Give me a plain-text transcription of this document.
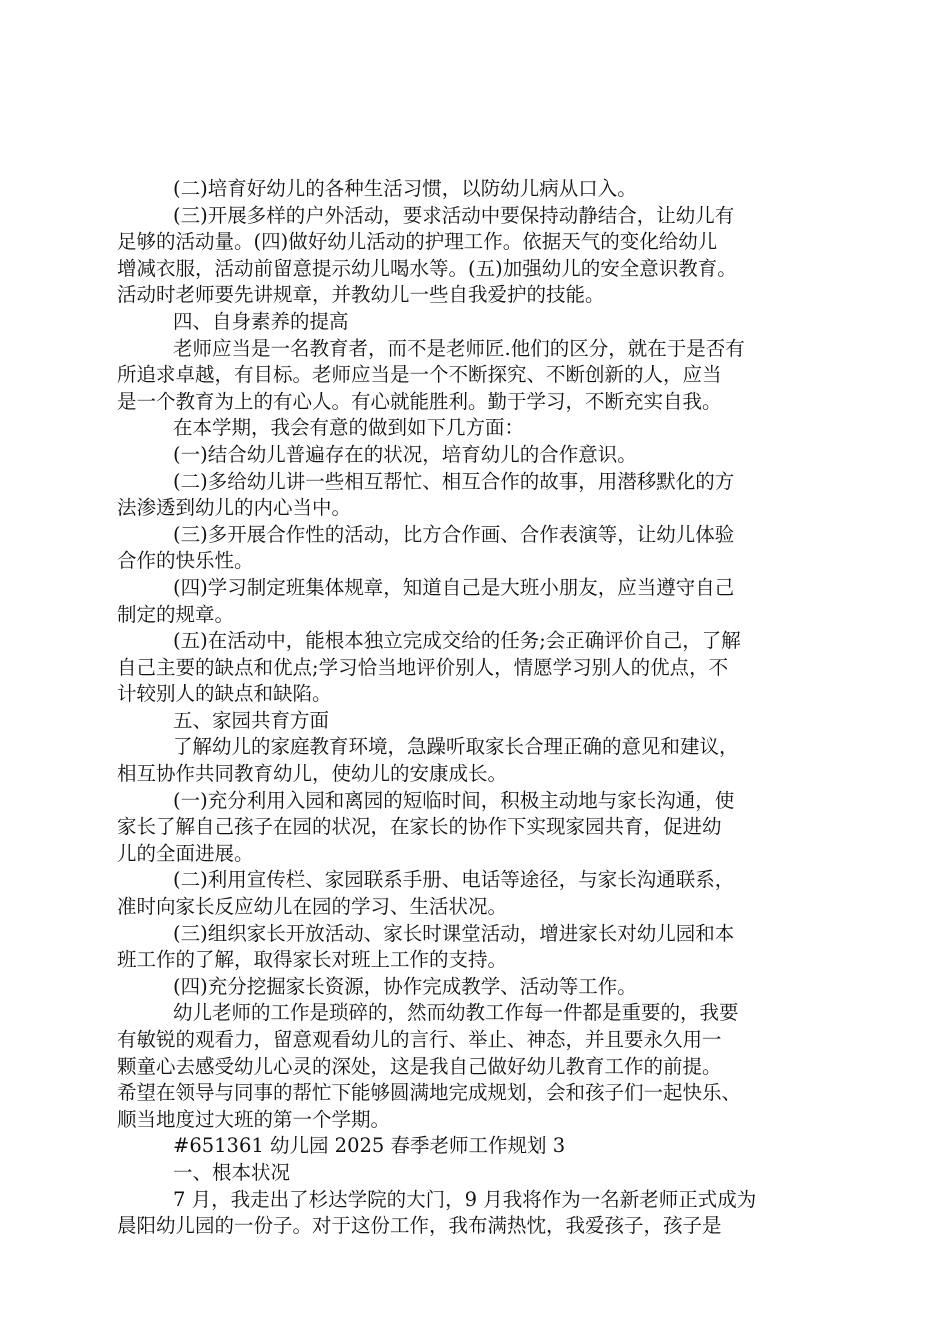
(二)培育好幼儿的各种生活习惯，以防幼儿病从口入。
(三)开展多样的户外活动，要求活动中要保持动静结合，让幼儿有
足够的活动量。(四)做好幼儿活动的护理工作。依据天气的变化给幼儿
增减衣服，活动前留意提示幼儿喝水等。(五)加强幼儿的安全意识教育。
活动时老师要先讲规章，并教幼儿一些自我爱护的技能。
四、自身素养的提高
老师应当是一名教育者，而不是老师匠.他们的区分，就在于是否有
所追求卓越，有目标。老师应当是一个不断探究、不断创新的人，应当
是一个教育为上的有心人。有心就能胜利。勤于学习，不断充实自我。
在本学期，我会有意的做到如下几方面：
(一)结合幼儿普遍存在的状况，培育幼儿的合作意识。
(二)多给幼儿讲一些相互帮忙、相互合作的故事，用潜移默化的方
法渗透到幼儿的内心当中。
(三)多开展合作性的活动，比方合作画、合作表演等，让幼儿体验
合作的快乐性。
(四)学习制定班集体规章，知道自己是大班小朋友，应当遵守自己
制定的规章。
(五)在活动中，能根本独立完成交给的任务;会正确评价自己，了解
自己主要的缺点和优点;学习恰当地评价别人，情愿学习别人的优点，不
计较别人的缺点和缺陷。
五、家园共育方面
了解幼儿的家庭教育环境，急躁听取家长合理正确的意见和建议，
相互协作共同教育幼儿，使幼儿的安康成长。
(一)充分利用入园和离园的短临时间，积极主动地与家长沟通，使
家长了解自己孩子在园的状况，在家长的协作下实现家园共育，促进幼
儿的全面进展。
(二)利用宣传栏、家园联系手册、电话等途径，与家长沟通联系，
准时向家长反应幼儿在园的学习、生活状况。
(三)组织家长开放活动、家长时课堂活动，增进家长对幼儿园和本
班工作的了解，取得家长对班上工作的支持。
(四)充分挖掘家长资源，协作完成教学、活动等工作。
幼儿老师的工作是琐碎的，然而幼教工作每一件都是重要的，我要
有敏锐的观看力，留意观看幼儿的言行、举止、神态，并且要永久用一
颗童心去感受幼儿心灵的深处，这是我自己做好幼儿教育工作的前提。
希望在领导与同事的帮忙下能够圆满地完成规划，会和孩子们一起快乐、
顺当地度过大班的第一个学期。
#651361 幼儿园 2025 春季老师工作规划 3
一、根本状况
7 月，我走出了杉达学院的大门，9 月我将作为一名新老师正式成为
晨阳幼儿园的一份子。对于这份工作，我布满热忱，我爱孩子，孩子是
